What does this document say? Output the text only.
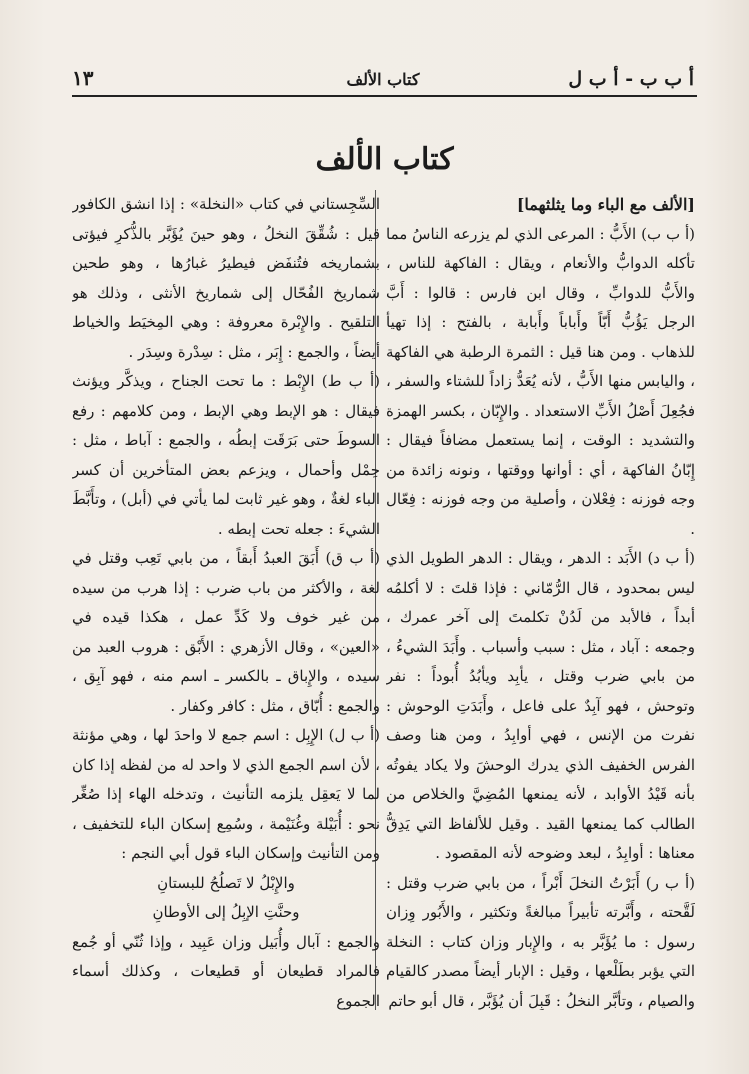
أ ب ب - أ ب ل
كتاب الألف
١٣
كتاب الألف
[الألف مع الباء وما يثلثهما]

(أ ب ب) الأَبُّ : المرعى الذي لم يزرعه الناسُ مما تأكله الدوابُّ والأنعام ، ويقال : الفاكهة للناس ، والأَبُّ للدوابِّ ، وقال ابن فارس : قالوا : أَبَّ الرجل يَؤُبُّ أَبّاً وأَباباً وأَبابة ، بالفتح : إذا تهيأ للذهاب . ومن هنا قيل : الثمرة الرطبة هي الفاكهة ، واليابس منها الأَبُّ ، لأنه يُعَدُّ زاداً للشتاء والسفر ، فجُعِلَ أَصْلُ الأَبِّ الاستعداد . والإِبّان ، بكسر الهمزة والتشديد : الوقت ، إنما يستعمل مضافاً فيقال : إِبّانُ الفاكهة ، أي : أوانها ووقتها ، ونونه زائدة من وجه فوزنه : فِعْلان ، وأصلية من وجه فوزنه : فِعّال .

(أ ب د) الأَبَد : الدهر ، ويقال : الدهر الطويل الذي ليس بمحدود ، قال الرُّمّاني : فإذا قلتَ : لا أكلمُه أبداً ، فالأبد من لَدُنْ تكلمتَ إلى آخر عمرك ، وجمعه : آباد ، مثل : سبب وأسباب . وأَبَدَ الشيءُ ، من بابي ضرب وقتل ، يأبِد ويأبُدُ أُبوداً : نفر وتوحش ، فهو آبِدٌ على فاعل ، وأَبَدَتِ الوحوش : نفرت من الإنس ، فهي أوابِدُ ، ومن هنا وصف الفرس الخفيف الذي يدرك الوحشَ ولا يكاد يفوتُه بأنه قَيْدُ الأوابد ، لأنه يمنعها المُضِيَّ والخلاص من الطالب كما يمنعها القيد . وقيل للألفاظ التي يَدِقُّ معناها : أوابِدُ ، لبعد وضوحه لأنه المقصود .

(أ ب ر) أَبَرْتُ النخلَ أَبْراً ، من بابي ضرب وقتل : لَقَّحته ، وأَبَّرته تأبيراً مبالغةً وتكثير ، والأَبُور وِزان رسول : ما يُؤَبَّر به ، والإِبار وزان كتاب : النخلة التي يؤبر بطَلْعها ، وقيل : الإبار أيضاً مصدر كالقيام والصيام ، وتأبَّر النخلُ : قَبِلَ أن يُؤَبَّر ، قال أبو حاتم

السِّجِستاني في كتاب «النخلة» : إذا انشق الكافور قيل : شُقِّقَ النخلُ ، وهو حينَ يُؤَبَّر بالذُّكرِ فيؤتى بشماريخه فتُنفَض فيطيرُ غبارُها ، وهو طحين شماريخ الفُحّال إلى شماريخ الأنثى ، وذلك هو التلقيح . والإِبْرة معروفة : وهي المِخيَط والخياط أيضاً ، والجمع : إِبَر ، مثل : سِدْرة وسِدَر .

(أ ب ط) الإِبْط : ما تحت الجناح ، ويذكَّر ويؤنث فيقال : هو الإبط وهي الإبط ، ومن كلامهم : رفع السوطَ حتى بَرَقَت إبطُه ، والجمع : آباط ، مثل : حِمْل وأحمال ، ويزعم بعض المتأخرين أن كسر الباء لغةٌ ، وهو غير ثابت لما يأتي في (أبل) ، وتأَبَّطَ الشيءَ : جعله تحت إبطه .

(أ ب ق) أَبَقَ العبدُ أَبقاً ، من بابي تَعِب وقتل في لغة ، والأكثر من باب ضرب : إذا هرب من سيده من غير خوف ولا كَدِّ عمل ، هكذا قيده في «العين» ، وقال الأزهري : الأَبْق : هروب العبد من سيده ، والإِباق ـ بالكسر ـ اسم منه ، فهو آبِق ، والجمع : أُبّاق ، مثل : كافر وكفار .

(أ ب ل) الإِبِل : اسم جمع لا واحدَ لها ، وهي مؤنثة ، لأن اسم الجمع الذي لا واحد له من لفظه إذا كان لما لا يَعقِل يلزمه التأنيث ، وتدخله الهاء إذا صُغِّر نحو : أُبَيْلة وغُنَيْمة ، وسُمِع إسكان الباء للتخفيف ، ومن التأنيث وإسكان الباء قول أبي النجم :

والإِبْلُ لا تَصلُحُ للبستانِ

وحنَّتِ الإبِلُ إلى الأوطانِ

والجمع : آبال وأُبَيل وزان عَبِيد ، وإذا ثُنّي أو جُمع فالمراد قطيعان أو قطيعات ، وكذلك أسماء الجموع
